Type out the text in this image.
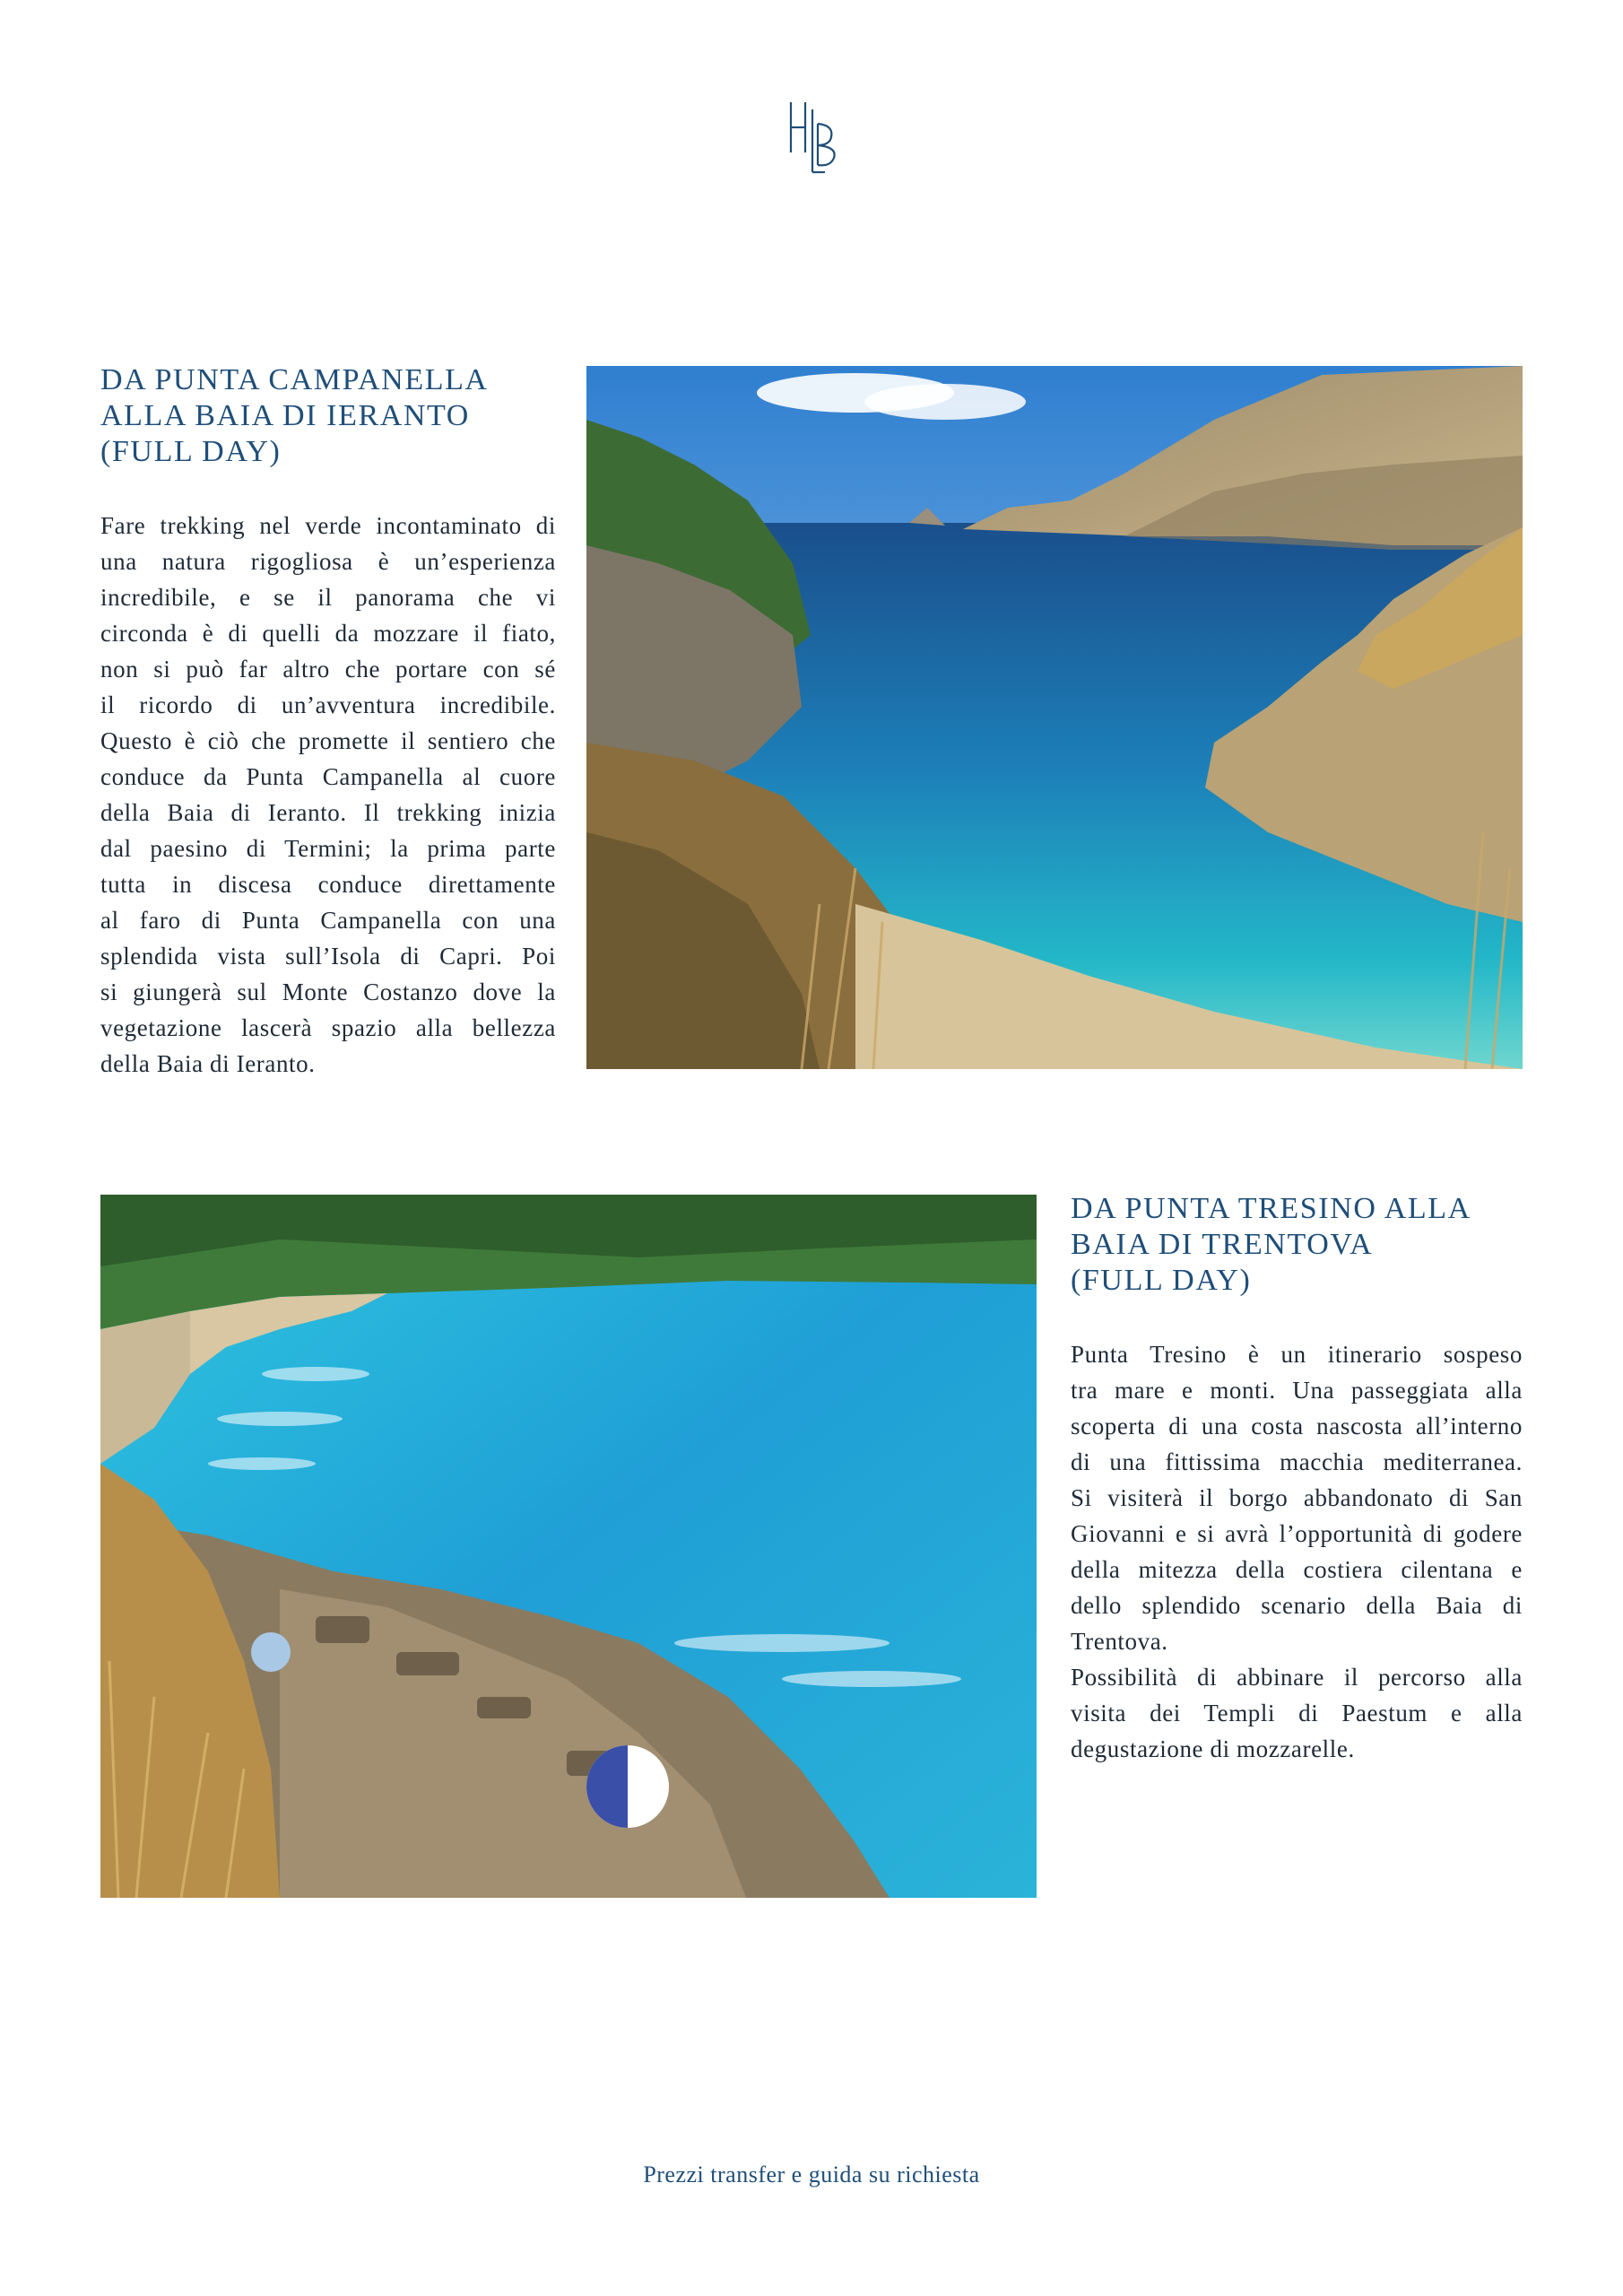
DA PUNTA CAMPANELLA
ALLA BAIA DI IERANTO
(FULL DAY)
Fare trekking nel verde incontaminato di
una natura rigogliosa è un’esperienza
incredibile, e se il panorama che vi
circonda è di quelli da mozzare il fiato,
non si può far altro che portare con sé
il ricordo di un’avventura incredibile.
Questo è ciò che promette il sentiero che
conduce da Punta Campanella al cuore
della Baia di Ieranto. Il trekking inizia
dal paesino di Termini; la prima parte
tutta in discesa conduce direttamente
al faro di Punta Campanella con una
splendida vista sull’Isola di Capri. Poi
si giungerà sul Monte Costanzo dove la
vegetazione lascerà spazio alla bellezza
della Baia di Ieranto.
DA PUNTA TRESINO ALLA
BAIA DI TRENTOVA
(FULL DAY)
Punta Tresino è un itinerario sospeso
tra mare e monti. Una passeggiata alla
scoperta di una costa nascosta all’interno
di una fittissima macchia mediterranea.
Si visiterà il borgo abbandonato di San
Giovanni e si avrà l’opportunità di godere
della mitezza della costiera cilentana e
dello splendido scenario della Baia di
Trentova.
Possibilità di abbinare il percorso alla
visita dei Templi di Paestum e alla
degustazione di mozzarelle.
Prezzi transfer e guida su richiesta
